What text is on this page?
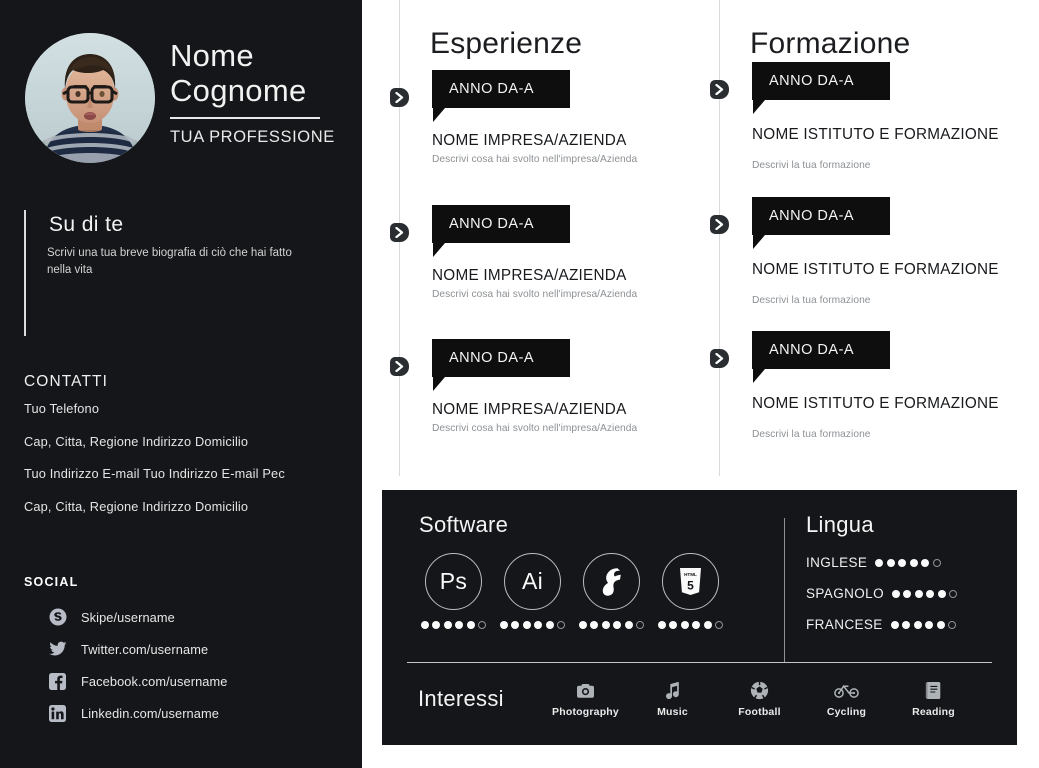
Nome
Cognome
TUA PROFESSIONE
Su di te
Scrivi una tua breve biografia di ciò che hai fatto nella vita
CONTATTI
Tuo Telefono
Cap, Citta, Regione Indirizzo Domicilio
Tuo Indirizzo E-mail Tuo Indirizzo E-mail Pec
Cap, Citta, Regione Indirizzo Domicilio
SOCIAL
Skipe/username
Twitter.com/username
Facebook.com/username
Linkedin.com/username
Esperienze
ANNO DA-A
NOME IMPRESA/AZIENDA
Descrivi cosa hai svolto nell'impresa/Azienda
ANNO DA-A
NOME IMPRESA/AZIENDA
Descrivi cosa hai svolto nell'impresa/Azienda
ANNO DA-A
NOME IMPRESA/AZIENDA
Descrivi cosa hai svolto nell'impresa/Azienda
Formazione
ANNO DA-A
NOME ISTITUTO E FORMAZIONE
Descrivi la tua formazione
ANNO DA-A
NOME ISTITUTO E FORMAZIONE
Descrivi la tua formazione
ANNO DA-A
NOME ISTITUTO E FORMAZIONE
Descrivi la tua formazione
Software
Ps Ai	HTML
5
Lingua
INGLESE
SPAGNOLO
FRANCESE
Interessi
Photography	Music	Football	Cycling	Reading
